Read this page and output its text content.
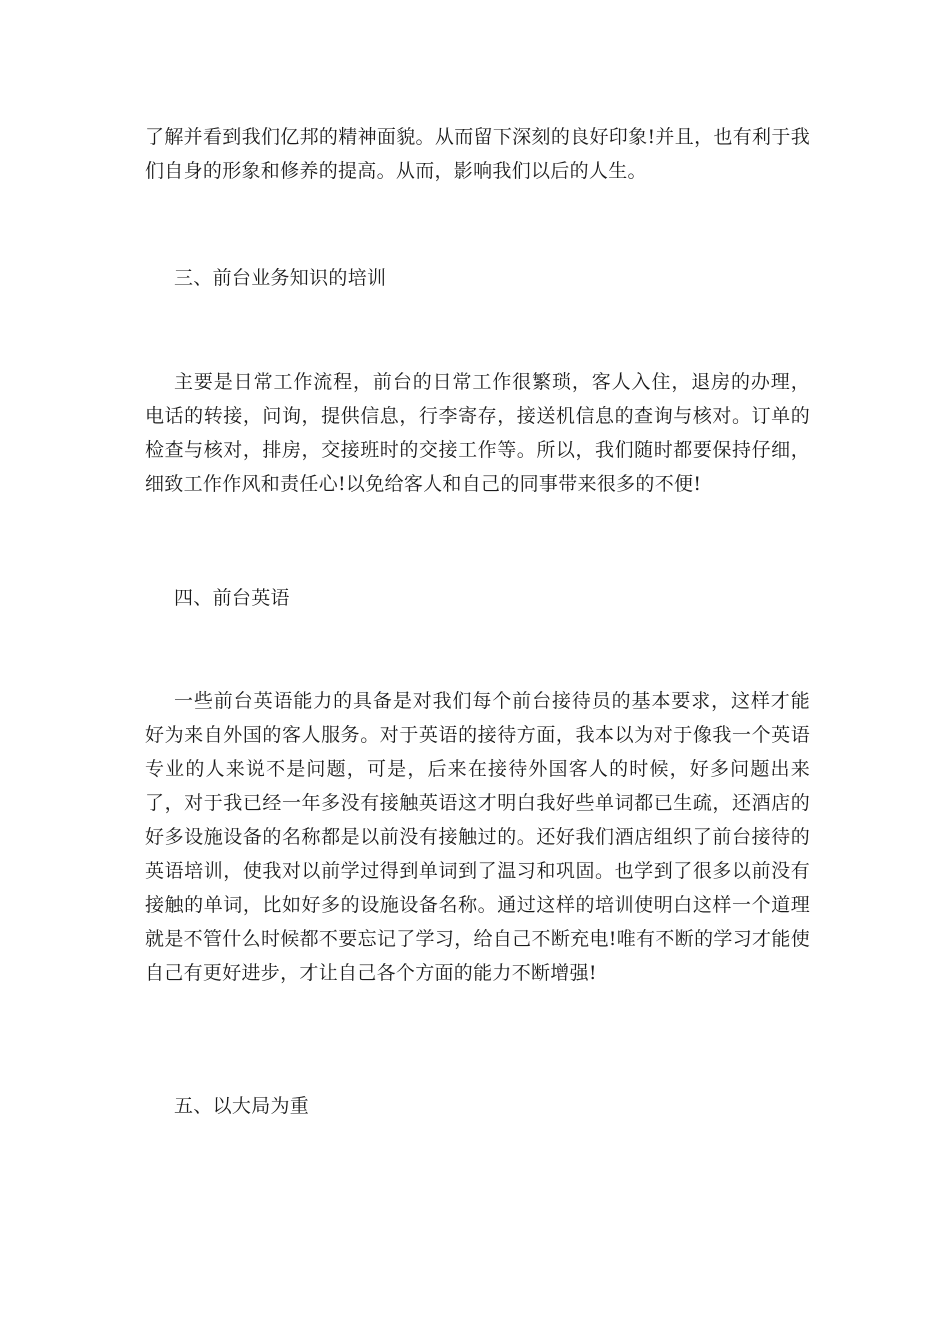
了解并看到我们亿邦的精神面貌。从而留下深刻的良好印象!并且，也有利于我们自身的形象和修养的提高。从而，影响我们以后的人生。

三、前台业务知识的培训

主要是日常工作流程，前台的日常工作很繁琐，客人入住，退房的办理，电话的转接，问询，提供信息，行李寄存，接送机信息的查询与核对。订单的检查与核对，排房，交接班时的交接工作等。所以，我们随时都要保持仔细，细致工作作风和责任心!以免给客人和自己的同事带来很多的不便!

四、前台英语

一些前台英语能力的具备是对我们每个前台接待员的基本要求，这样才能好为来自外国的客人服务。对于英语的接待方面，我本以为对于像我一个英语专业的人来说不是问题，可是，后来在接待外国客人的时候，好多问题出来了，对于我已经一年多没有接触英语这才明白我好些单词都已生疏，还酒店的好多设施设备的名称都是以前没有接触过的。还好我们酒店组织了前台接待的英语培训，使我对以前学过得到单词到了温习和巩固。也学到了很多以前没有接触的单词，比如好多的设施设备名称。通过这样的培训使明白这样一个道理就是不管什么时候都不要忘记了学习，给自己不断充电!唯有不断的学习才能使自己有更好进步，才让自己各个方面的能力不断增强!

五、以大局为重
